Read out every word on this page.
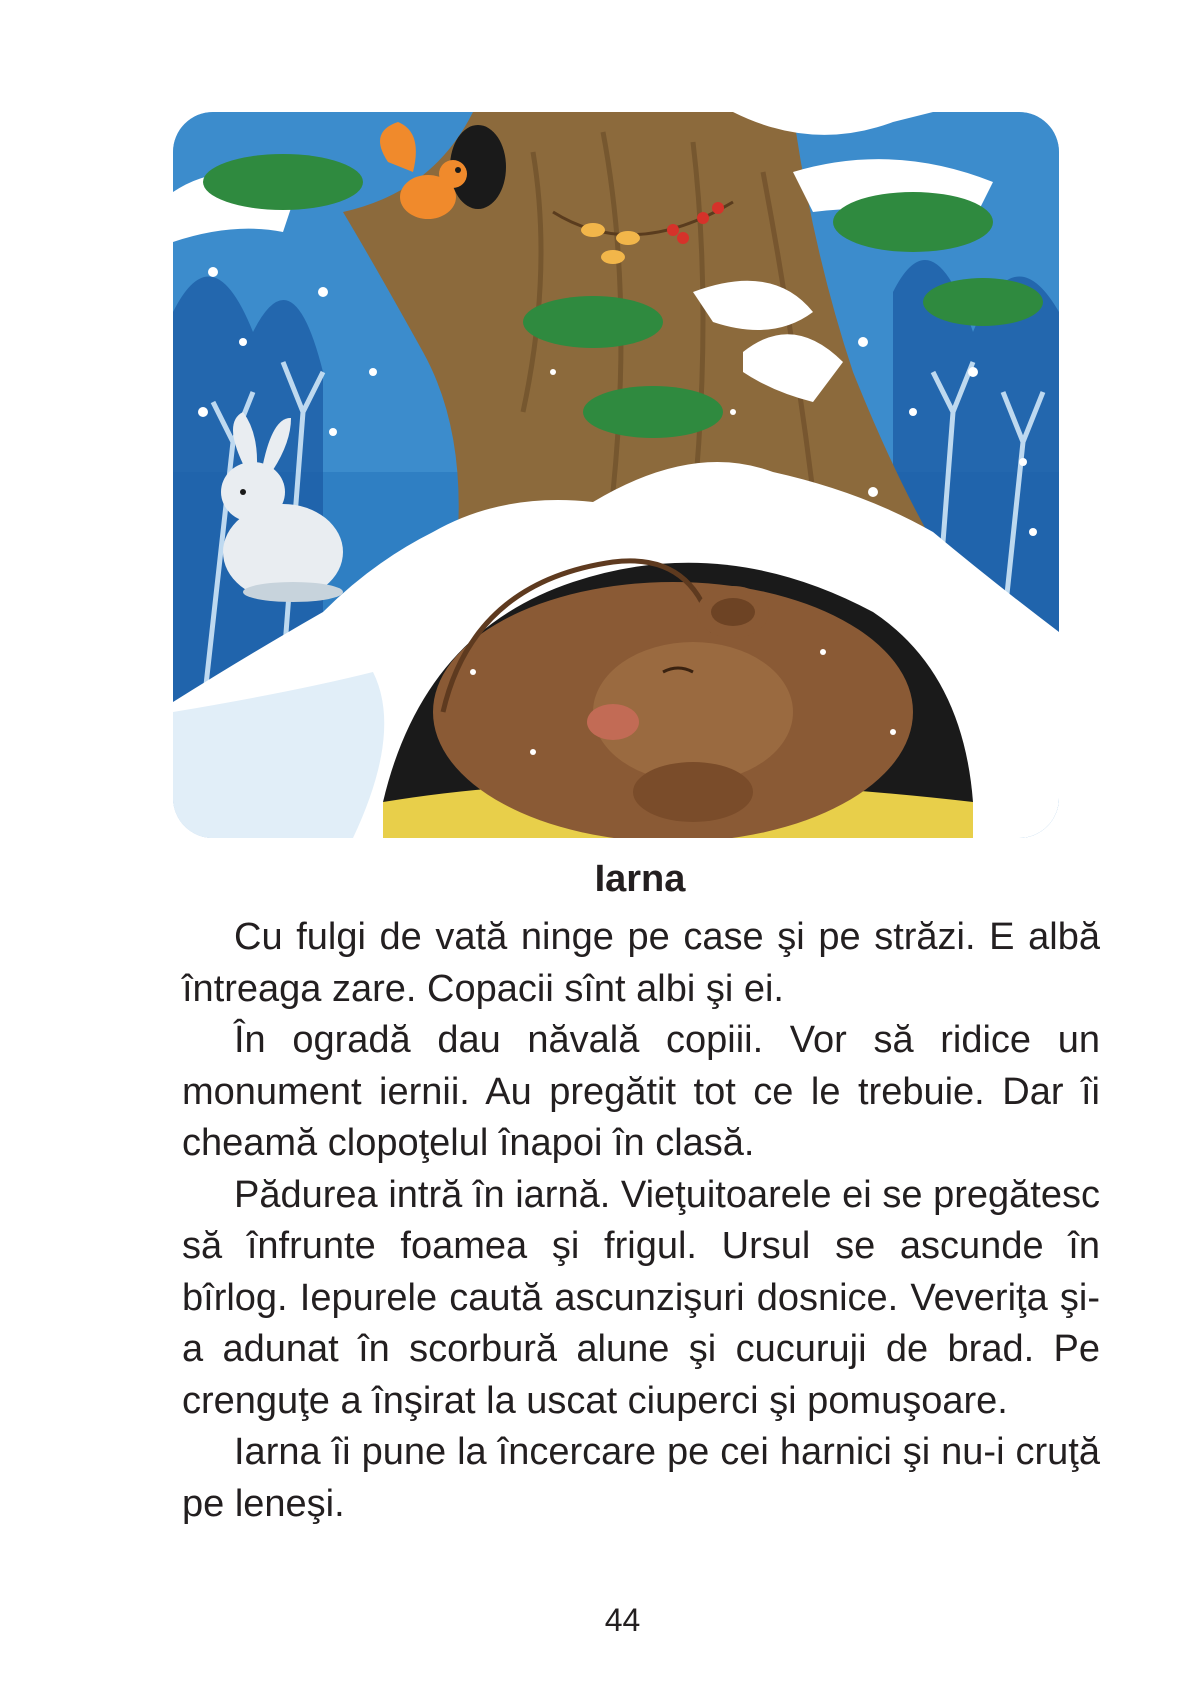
Iarna

Cu fulgi de vată ninge pe case şi pe străzi. E albă întreaga zare. Copacii sînt albi şi ei.

În ogradă dau năvală copiii. Vor să ridice un monument iernii. Au pregătit tot ce le trebuie. Dar îi cheamă clopoţelul înapoi în clasă.

Pădurea intră în iarnă. Vieţuitoarele ei se pregătesc să înfrunte foamea şi frigul. Ursul se ascunde în bîrlog. Iepurele caută ascunzişuri dosnice. Veveriţa şi-a adunat în scorbură alune şi cucuruji de brad. Pe crenguţe a înşirat la uscat ciuperci şi pomuşoare.

Iarna îi pune la încercare pe cei harnici şi nu-i cruţă pe leneşi.

44
